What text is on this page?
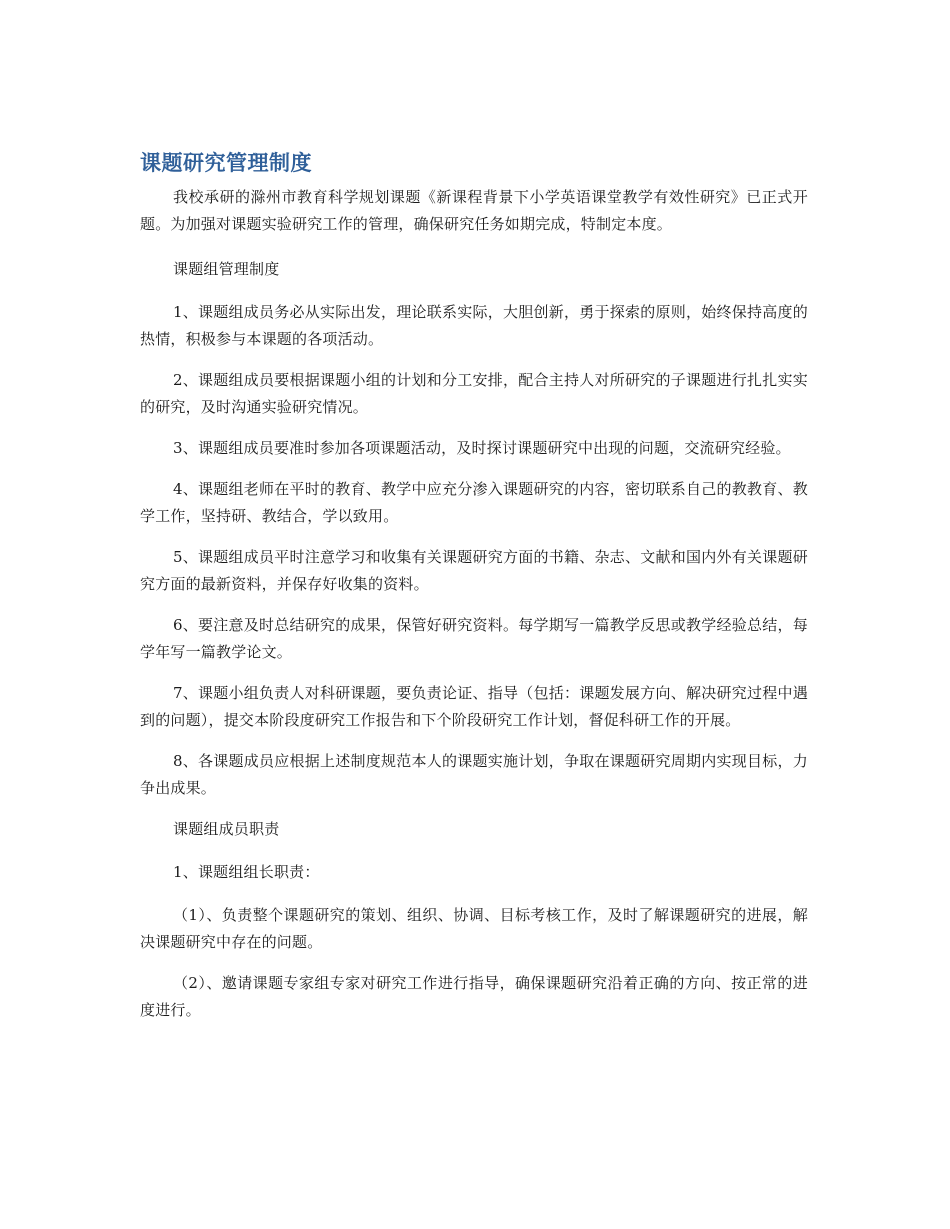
课题研究管理制度

我校承研的滁州市教育科学规划课题《新课程背景下小学英语课堂教学有效性研究》已正式开题。为加强对课题实验研究工作的管理，确保研究任务如期完成，特制定本度。

课题组管理制度

1、课题组成员务必从实际出发，理论联系实际，大胆创新，勇于探索的原则，始终保持高度的热情，积极参与本课题的各项活动。

2、课题组成员要根据课题小组的计划和分工安排，配合主持人对所研究的子课题进行扎扎实实的研究，及时沟通实验研究情况。

3、课题组成员要准时参加各项课题活动，及时探讨课题研究中出现的问题，交流研究经验。

4、课题组老师在平时的教育、教学中应充分渗入课题研究的内容，密切联系自己的教教育、教学工作，坚持研、教结合，学以致用。

5、课题组成员平时注意学习和收集有关课题研究方面的书籍、杂志、文献和国内外有关课题研究方面的最新资料，并保存好收集的资料。

6、要注意及时总结研究的成果，保管好研究资料。每学期写一篇教学反思或教学经验总结，每学年写一篇教学论文。

7、课题小组负责人对科研课题，要负责论证、指导（包括：课题发展方向、解决研究过程中遇到的问题），提交本阶段度研究工作报告和下个阶段研究工作计划，督促科研工作的开展。

8、各课题成员应根据上述制度规范本人的课题实施计划，争取在课题研究周期内实现目标，力争出成果。

课题组成员职责

1、课题组组长职责：

（1）、负责整个课题研究的策划、组织、协调、目标考核工作，及时了解课题研究的进展，解决课题研究中存在的问题。

（2）、邀请课题专家组专家对研究工作进行指导，确保课题研究沿着正确的方向、按正常的进度进行。
